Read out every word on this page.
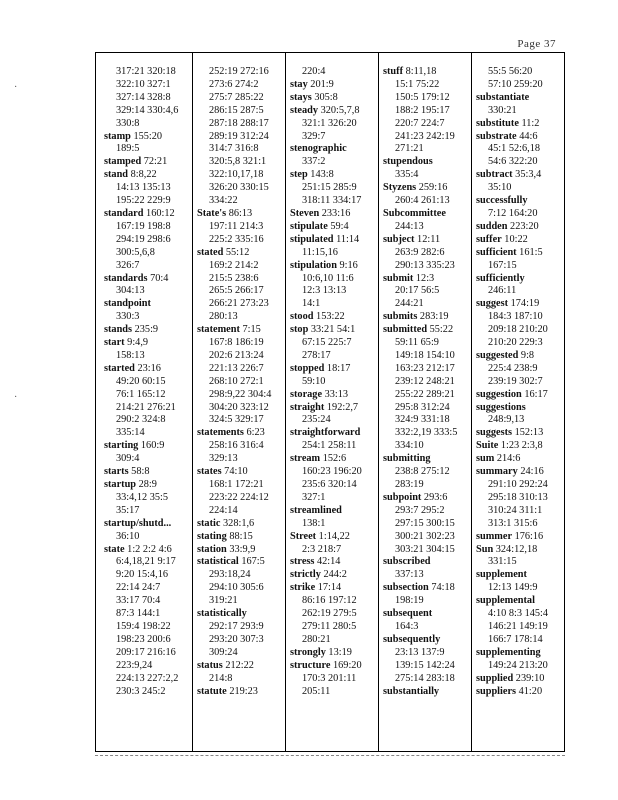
Page 37
317:21 320:18
322:10 327:1
327:14 328:8
329:14 330:4,6
330:8
stamp 155:20
189:5
stamped 72:21
stand 8:8,22
14:13 135:13
195:22 229:9
standard 160:12
167:19 198:8
294:19 298:6
300:5,6,8
326:7
standards 70:4
304:13
standpoint
330:3
stands 235:9
start 9:4,9
158:13
started 23:16
49:20 60:15
76:1 165:12
214:21 276:21
290:2 324:8
335:14
starting 160:9
309:4
starts 58:8
startup 28:9
33:4,12 35:5
35:17
startup/shutd...
36:10
state 1:2 2:2 4:6
6:4,18,21 9:17
9:20 15:4,16
22:14 24:7
33:17 70:4
87:3 144:1
159:4 198:22
198:23 200:6
209:17 216:16
223:9,24
224:13 227:2,2
230:3 245:2
252:19 272:16
273:6 274:2
275:7 285:22
286:15 287:5
287:18 288:17
289:19 312:24
314:7 316:8
320:5,8 321:1
322:10,17,18
326:20 330:15
334:22
State's 86:13
197:11 214:3
225:2 335:16
stated 55:12
169:2 214:2
215:5 238:6
265:5 266:17
266:21 273:23
280:13
statement 7:15
167:8 186:19
202:6 213:24
221:13 226:7
268:10 272:1
298:9,22 304:4
304:20 323:12
324:5 329:17
statements 6:23
258:16 316:4
329:13
states 74:10
168:1 172:21
223:22 224:12
224:14
static 328:1,6
stating 88:15
station 33:9,9
statistical 167:5
293:18,24
294:10 305:6
319:21
statistically
292:17 293:9
293:20 307:3
309:24
status 212:22
214:8
statute 219:23
220:4
stay 201:9
stays 305:8
steady 320:5,7,8
321:1 326:20
329:7
stenographic
337:2
step 143:8
251:15 285:9
318:11 334:17
Steven 233:16
stipulate 59:4
stipulated 11:14
11:15,16
stipulation 9:16
10:6,10 11:6
12:3 13:13
14:1
stood 153:22
stop 33:21 54:1
67:15 225:7
278:17
stopped 18:17
59:10
storage 33:13
straight 192:2,7
235:24
straightforward
254:1 258:11
stream 152:6
160:23 196:20
235:6 320:14
327:1
streamlined
138:1
Street 1:14,22
2:3 218:7
stress 42:14
strictly 244:2
strike 17:14
86:16 197:12
262:19 279:5
279:11 280:5
280:21
strongly 13:19
structure 169:20
170:3 201:11
205:11
stuff 8:11,18
15:1 75:22
150:5 179:12
188:2 195:17
220:7 224:7
241:23 242:19
271:21
stupendous
335:4
Styzens 259:16
260:4 261:13
Subcommittee
244:13
subject 12:11
263:9 282:6
290:13 335:23
submit 12:3
20:17 56:5
244:21
submits 283:19
submitted 55:22
59:11 65:9
149:18 154:10
163:23 212:17
239:12 248:21
255:22 289:21
295:8 312:24
324:9 331:18
332:2,19 333:5
334:10
submitting
238:8 275:12
283:19
subpoint 293:6
293:7 295:2
297:15 300:15
300:21 302:23
303:21 304:15
subscribed
337:13
subsection 74:18
198:19
subsequent
164:3
subsequently
23:13 137:9
139:15 142:24
275:14 283:18
substantially
55:5 56:20
57:10 259:20
substantiate
330:21
substitute 11:2
substrate 44:6
45:1 52:6,18
54:6 322:20
subtract 35:3,4
35:10
successfully
7:12 164:20
sudden 223:20
suffer 10:22
sufficient 161:5
167:15
sufficiently
246:11
suggest 174:19
184:3 187:10
209:18 210:20
210:20 229:3
suggested 9:8
225:4 238:9
239:19 302:7
suggestion 16:17
suggestions
248:9,13
suggests 152:13
Suite 1:23 2:3,8
sum 214:6
summary 24:16
291:10 292:24
295:18 310:13
310:24 311:1
313:1 315:6
summer 176:16
Sun 324:12,18
331:15
supplement
12:13 149:9
supplemental
4:10 8:3 145:4
146:21 149:19
166:7 178:14
supplementing
149:24 213:20
supplied 239:10
suppliers 41:20
·
·
